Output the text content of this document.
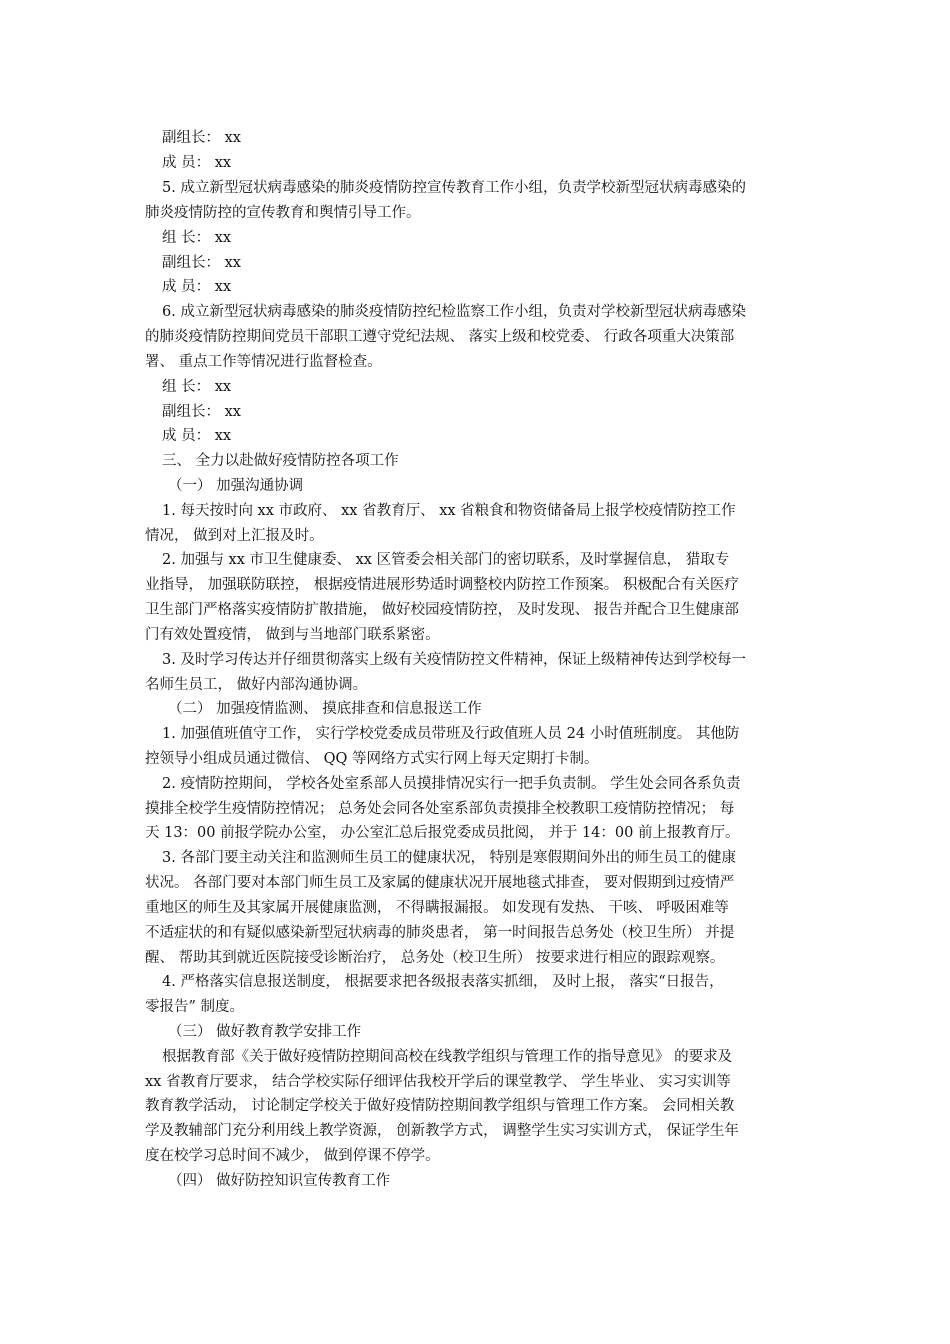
副组长： xx
成 员： xx
5. 成立新型冠状病毒感染的肺炎疫情防控宣传教育工作小组，负责学校新型冠状病毒感染的
肺炎疫情防控的宣传教育和舆情引导工作。
组 长： xx
副组长： xx
成 员： xx
6. 成立新型冠状病毒感染的肺炎疫情防控纪检监察工作小组，负责对学校新型冠状病毒感染
的肺炎疫情防控期间党员干部职工遵守党纪法规、 落实上级和校党委、 行政各项重大决策部
署、 重点工作等情况进行监督检查。
组 长： xx
副组长： xx
成 员： xx
三、 全力以赴做好疫情防控各项工作
（一） 加强沟通协调
1. 每天按时向 xx 市政府、 xx 省教育厅、 xx 省粮食和物资储备局上报学校疫情防控工作
情况， 做到对上汇报及时。
2. 加强与 xx 市卫生健康委、 xx 区管委会相关部门的密切联系，及时掌握信息， 猎取专
业指导， 加强联防联控， 根据疫情进展形势适时调整校内防控工作预案。 积极配合有关医疗
卫生部门严格落实疫情防扩散措施， 做好校园疫情防控， 及时发现、 报告并配合卫生健康部
门有效处置疫情， 做到与当地部门联系紧密。
3. 及时学习传达并仔细贯彻落实上级有关疫情防控文件精神，保证上级精神传达到学校每一
名师生员工， 做好内部沟通协调。
（二） 加强疫情监测、 摸底排查和信息报送工作
1. 加强值班值守工作， 实行学校党委成员带班及行政值班人员 24 小时值班制度。 其他防
控领导小组成员通过微信、 QQ 等网络方式实行网上每天定期打卡制。
2. 疫情防控期间， 学校各处室系部人员摸排情况实行一把手负责制。 学生处会同各系负责
摸排全校学生疫情防控情况； 总务处会同各处室系部负责摸排全校教职工疫情防控情况； 每
天 13：00 前报学院办公室， 办公室汇总后报党委成员批阅， 并于 14：00 前上报教育厅。
3. 各部门要主动关注和监测师生员工的健康状况， 特别是寒假期间外出的师生员工的健康
状况。 各部门要对本部门师生员工及家属的健康状况开展地毯式排查， 要对假期到过疫情严
重地区的师生及其家属开展健康监测， 不得瞒报漏报。 如发现有发热、 干咳、 呼吸困难等
不适症状的和有疑似感染新型冠状病毒的肺炎患者， 第一时间报告总务处（校卫生所） 并提
醒、 帮助其到就近医院接受诊断治疗， 总务处（校卫生所） 按要求进行相应的跟踪观察。
4. 严格落实信息报送制度， 根据要求把各级报表落实抓细， 及时上报， 落实“日报告，
零报告” 制度。
（三） 做好教育教学安排工作
根据教育部《关于做好疫情防控期间高校在线教学组织与管理工作的指导意见》 的要求及
xx 省教育厅要求， 结合学校实际仔细评估我校开学后的课堂教学、 学生毕业、 实习实训等
教育教学活动， 讨论制定学校关于做好疫情防控期间教学组织与管理工作方案。 会同相关教
学及教辅部门充分利用线上教学资源， 创新教学方式， 调整学生实习实训方式， 保证学生年
度在校学习总时间不减少， 做到停课不停学。
（四） 做好防控知识宣传教育工作
